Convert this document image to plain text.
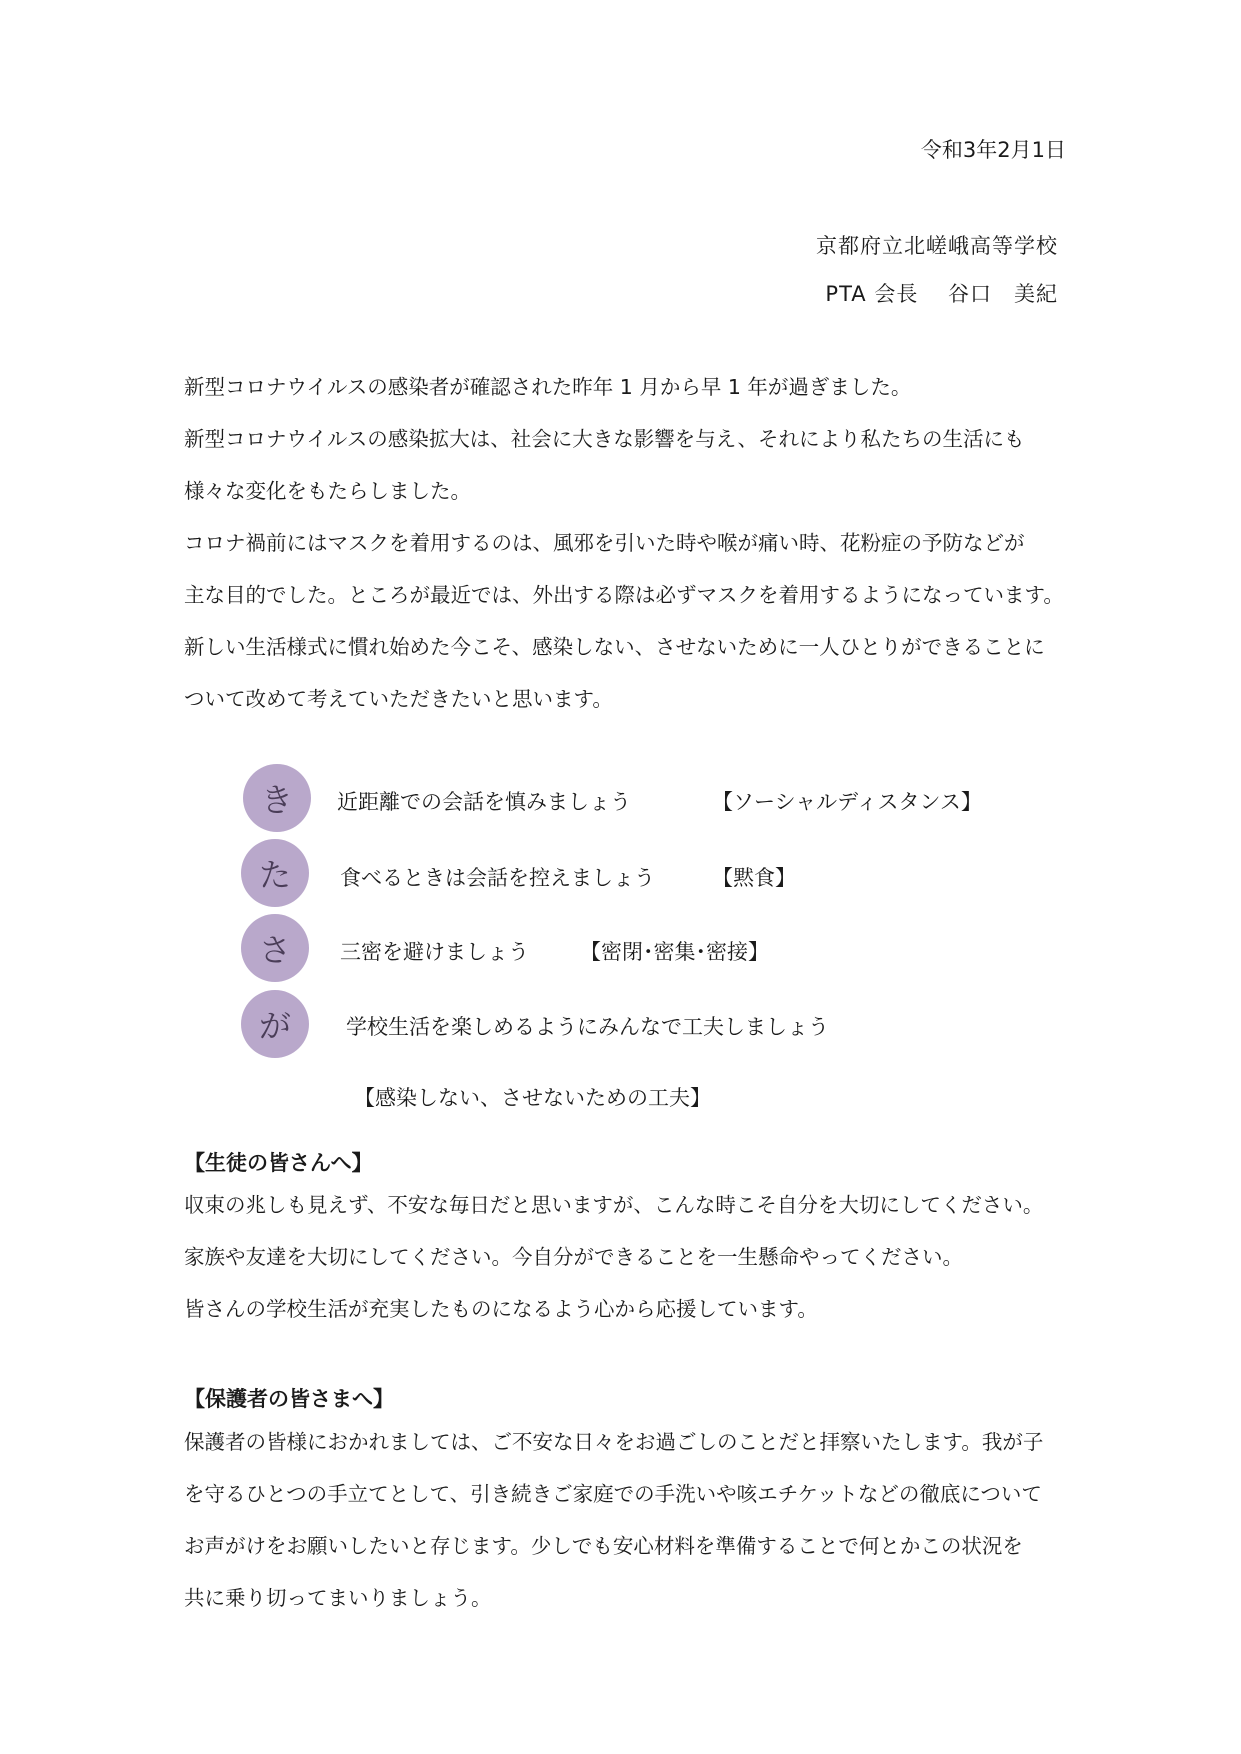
令和3年2月1日
京都府立北嵯峨高等学校
PTA 会長　 谷口　美紀

新型コロナウイルスの感染者が確認された昨年 1 月から早 1 年が過ぎました。

新型コロナウイルスの感染拡大は、社会に大きな影響を与え、それにより私たちの生活にも

様々な変化をもたらしました。

コロナ禍前にはマスクを着用するのは、風邪を引いた時や喉が痛い時、花粉症の予防などが

主な目的でした。ところが最近では、外出する際は必ずマスクを着用するようになっています。

新しい生活様式に慣れ始めた今こそ、感染しない、させないために一人ひとりができることに

ついて改めて考えていただきたいと思います。

き	近距離での会話を慎みましょう	【ソーシャルディスタンス】
た	食べるときは会話を控えましょう	【黙食】
さ	三密を避けましょう 【密閉･密集･密接】
が	学校生活を楽しめるようにみんなで工夫しましょう
【感染しない、させないための工夫】
【生徒の皆さんへ】

収束の兆しも見えず、不安な毎日だと思いますが、こんな時こそ自分を大切にしてください。

家族や友達を大切にしてください。今自分ができることを一生懸命やってください。

皆さんの学校生活が充実したものになるよう心から応援しています。

【保護者の皆さまへ】

保護者の皆様におかれましては、ご不安な日々をお過ごしのことだと拝察いたします。我が子

を守るひとつの手立てとして、引き続きご家庭での手洗いや咳エチケットなどの徹底について

お声がけをお願いしたいと存じます。少しでも安心材料を準備することで何とかこの状況を

共に乗り切ってまいりましょう。
